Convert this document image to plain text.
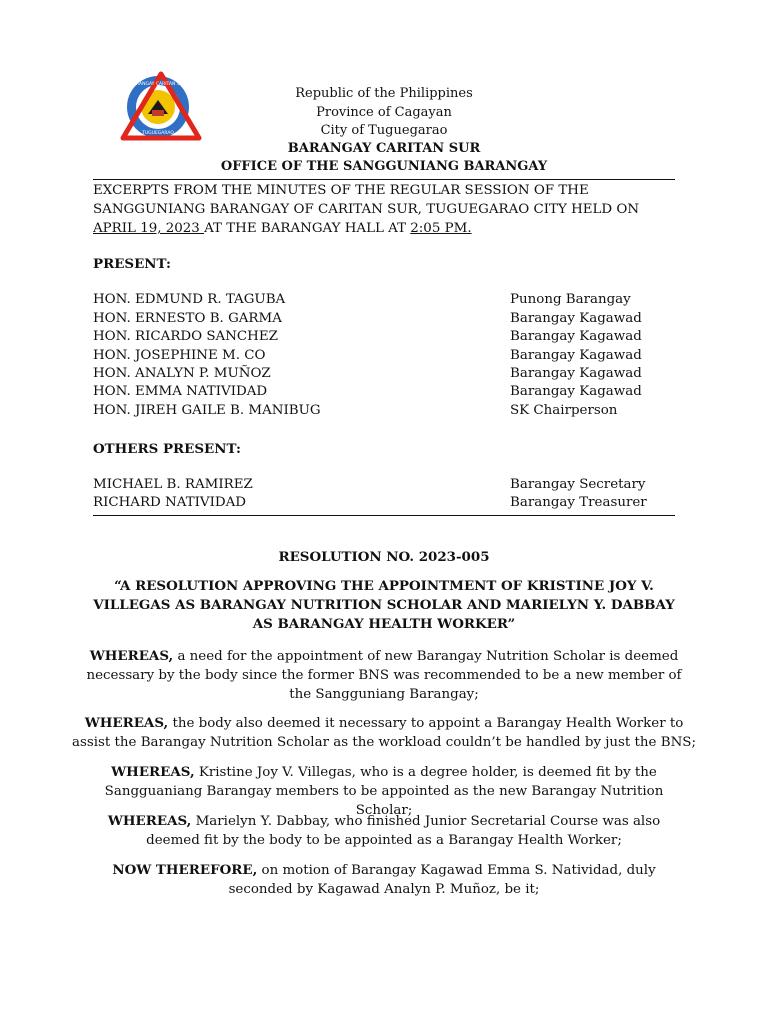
BARANGAY CARITAN SUR
TUGUEGARAO
Republic of the Philippines
Province of Cagayan
City of Tuguegarao
BARANGAY CARITAN SUR
OFFICE OF THE SANGGUNIANG BARANGAY
EXCERPTS FROM THE MINUTES OF THE REGULAR SESSION OF THE SANGGUNIANG BARANGAY OF CARITAN SUR, TUGUEGARAO CITY HELD ON APRIL 19, 2023 AT THE BARANGAY HALL AT 2:05 PM.
PRESENT:
HON. EDMUND R. TAGUBA	Punong Barangay
HON. ERNESTO B. GARMA	Barangay Kagawad
HON. RICARDO SANCHEZ	Barangay Kagawad
HON. JOSEPHINE M. CO	Barangay Kagawad
HON. ANALYN P. MUÑOZ	Barangay Kagawad
HON. EMMA NATIVIDAD	Barangay Kagawad
HON. JIREH GAILE B. MANIBUG	SK Chairperson
OTHERS PRESENT:
MICHAEL B. RAMIREZ	Barangay Secretary
RICHARD NATIVIDAD	Barangay Treasurer
RESOLUTION NO. 2023-005
“A RESOLUTION APPROVING THE APPOINTMENT OF KRISTINE JOY V. VILLEGAS AS BARANGAY NUTRITION SCHOLAR AND MARIELYN Y. DABBAY AS BARANGAY HEALTH WORKER”
WHEREAS, a need for the appointment of new Barangay Nutrition Scholar is deemed necessary by the body since the former BNS was recommended to be a new member of the Sangguniang Barangay;
WHEREAS, the body also deemed it necessary to appoint a Barangay Health Worker to assist the Barangay Nutrition Scholar as the workload couldn’t be handled by just the BNS;
WHEREAS, Kristine Joy V. Villegas, who is a degree holder, is deemed fit by the Sangguaniang Barangay members to be appointed as the new Barangay Nutrition Scholar;
WHEREAS, Marielyn Y. Dabbay, who finished Junior Secretarial Course was also deemed fit by the body to be appointed as a Barangay Health Worker;
NOW THEREFORE, on motion of Barangay Kagawad Emma S. Natividad, duly seconded by Kagawad Analyn P. Muñoz, be it;
